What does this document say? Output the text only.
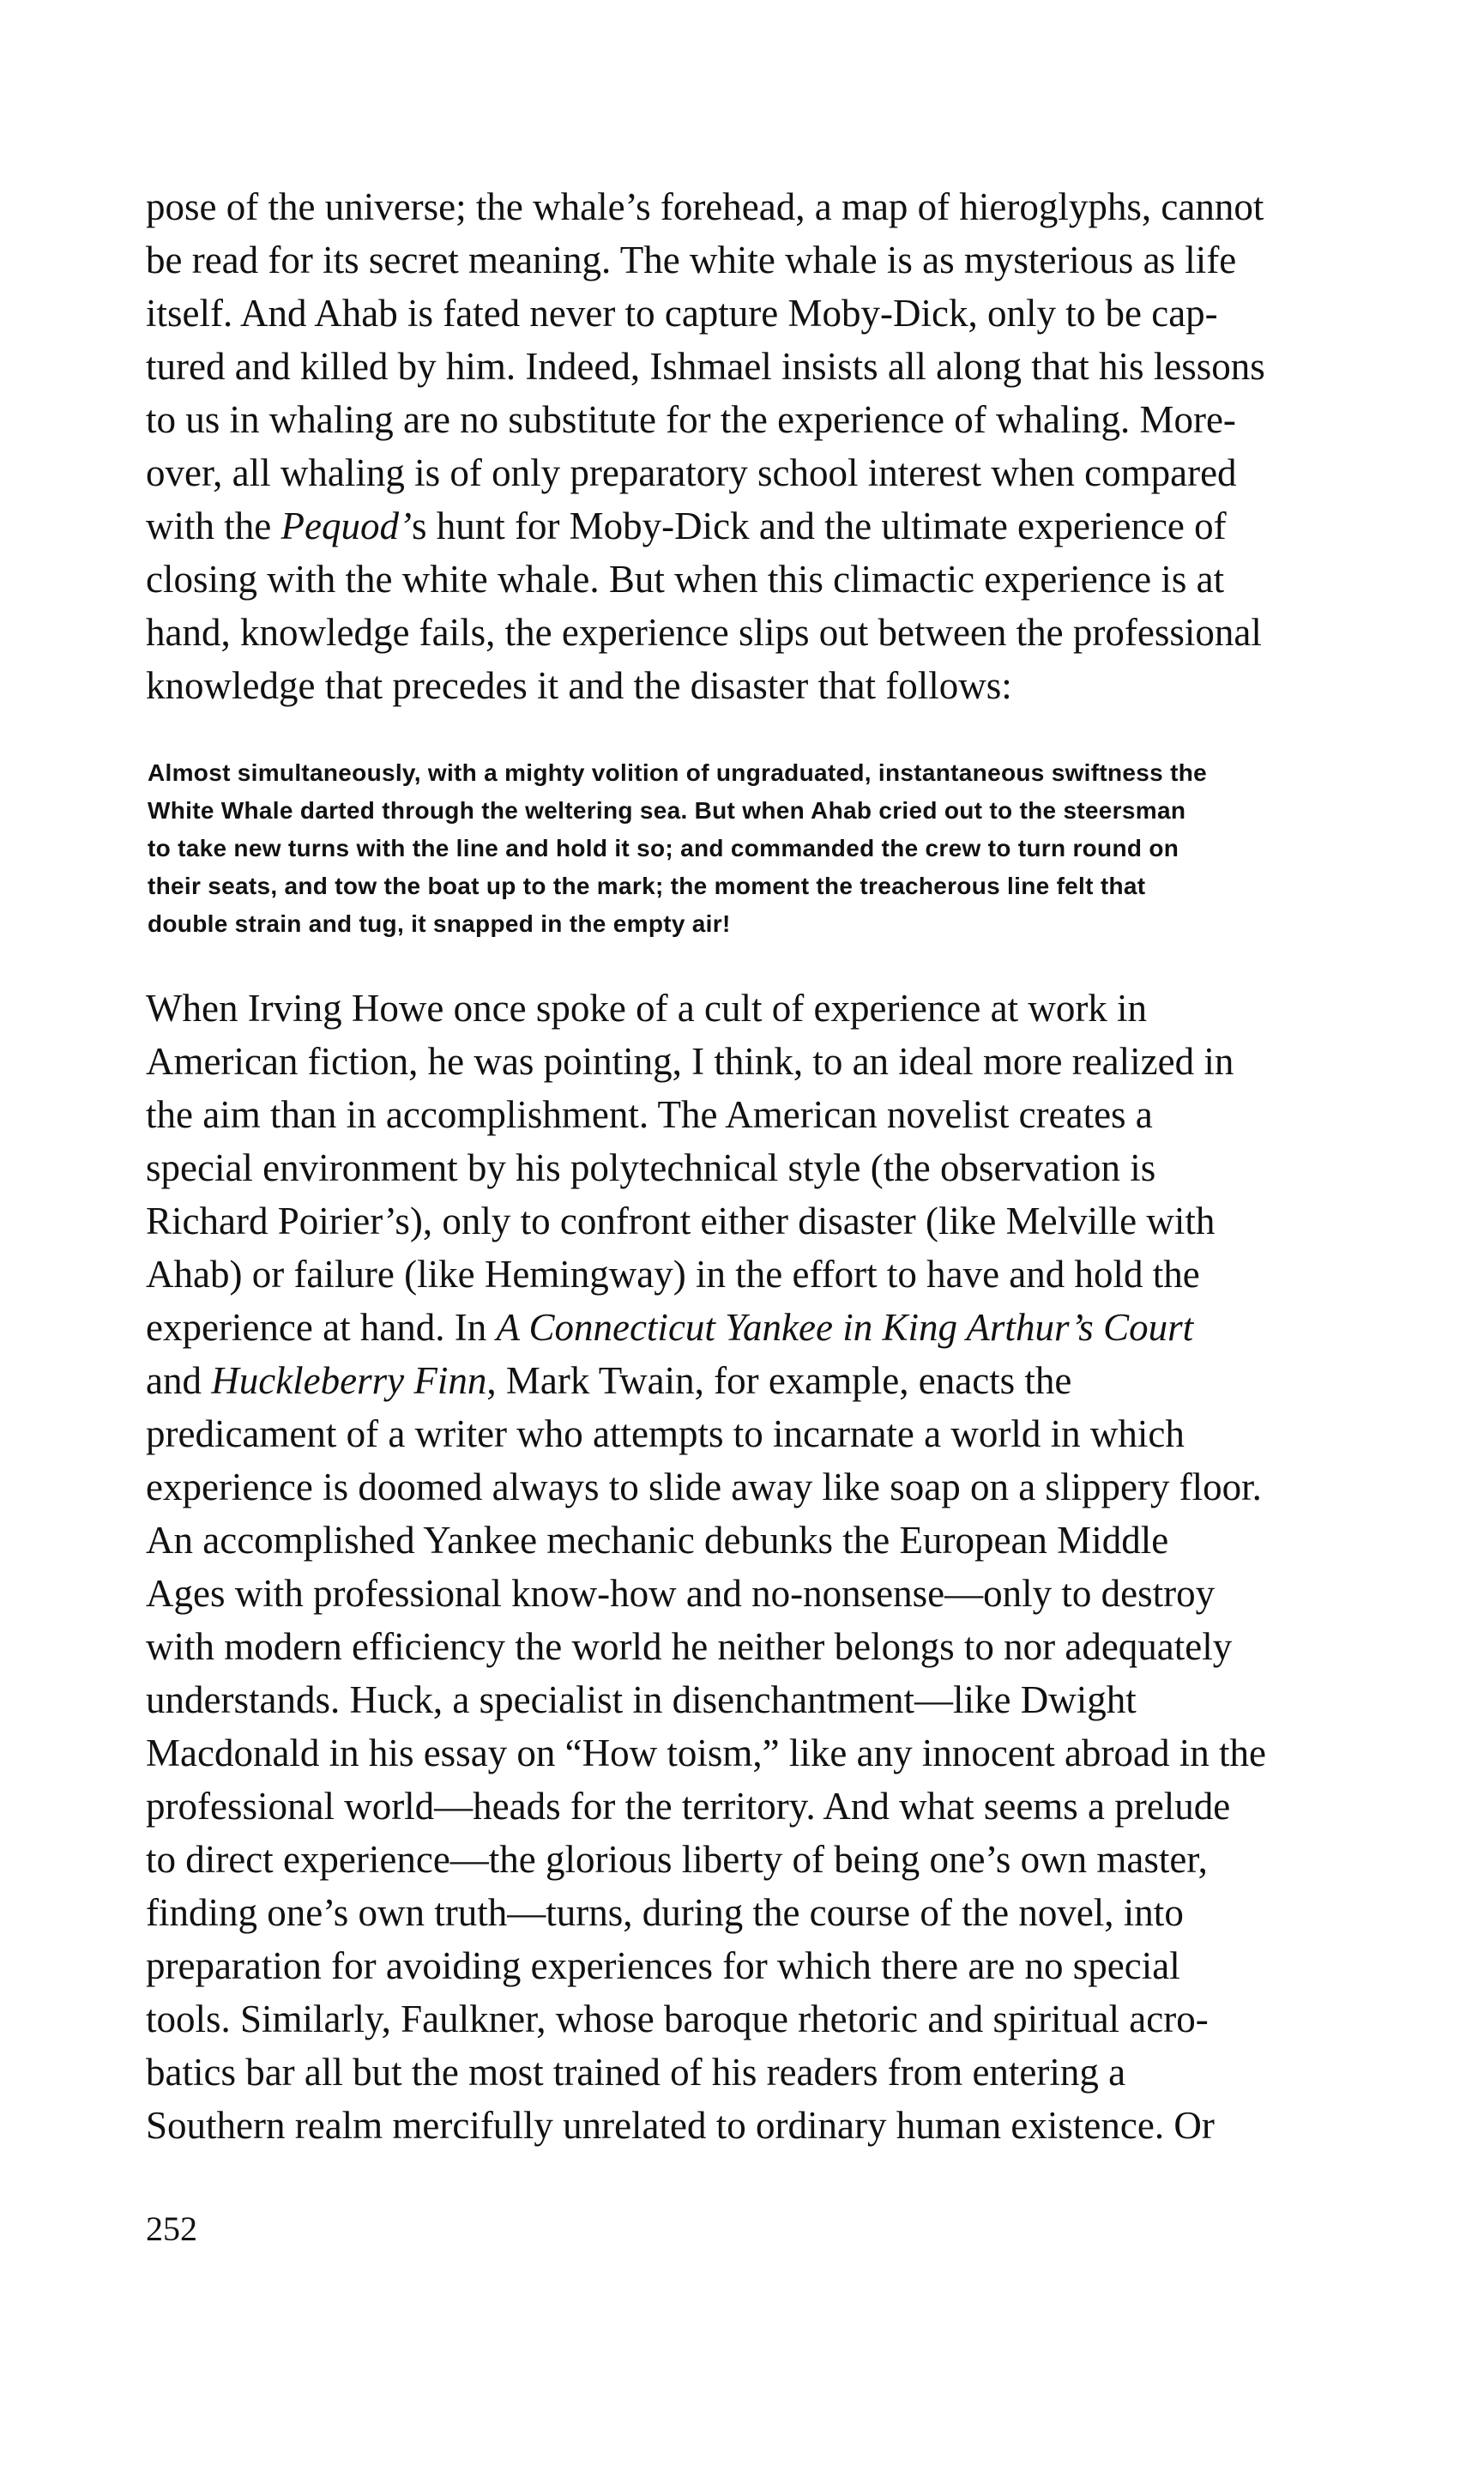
pose of the universe; the whale’s forehead, a map of hieroglyphs, cannot
be read for its secret meaning. The white whale is as mysterious as life
itself. And Ahab is fated never to capture Moby-Dick, only to be cap-
tured and killed by him. Indeed, Ishmael insists all along that his lessons
to us in whaling are no substitute for the experience of whaling. More-
over, all whaling is of only preparatory school interest when compared
with the Pequod’s hunt for Moby-Dick and the ultimate experience of
closing with the white whale. But when this climactic experience is at
hand, knowledge fails, the experience slips out between the professional
knowledge that precedes it and the disaster that follows:
Almost simultaneously, with a mighty volition of ungraduated, instantaneous swiftness the
White Whale darted through the weltering sea. But when Ahab cried out to the steersman
to take new turns with the line and hold it so; and commanded the crew to turn round on
their seats, and tow the boat up to the mark; the moment the treacherous line felt that
double strain and tug, it snapped in the empty air!
When Irving Howe once spoke of a cult of experience at work in
American fiction, he was pointing, I think, to an ideal more realized in
the aim than in accomplishment. The American novelist creates a
special environment by his polytechnical style (the observation is
Richard Poirier’s), only to confront either disaster (like Melville with
Ahab) or failure (like Hemingway) in the effort to have and hold the
experience at hand. In A Connecticut Yankee in King Arthur’s Court
and Huckleberry Finn, Mark Twain, for example, enacts the
predicament of a writer who attempts to incarnate a world in which
experience is doomed always to slide away like soap on a slippery floor.
An accomplished Yankee mechanic debunks the European Middle
Ages with professional know-how and no-nonsense—only to destroy
with modern efficiency the world he neither belongs to nor adequately
understands. Huck, a specialist in disenchantment—like Dwight
Macdonald in his essay on “How toism,” like any innocent abroad in the
professional world—heads for the territory. And what seems a prelude
to direct experience—the glorious liberty of being one’s own master,
finding one’s own truth—turns, during the course of the novel, into
preparation for avoiding experiences for which there are no special
tools. Similarly, Faulkner, whose baroque rhetoric and spiritual acro-
batics bar all but the most trained of his readers from entering a
Southern realm mercifully unrelated to ordinary human existence. Or
252
